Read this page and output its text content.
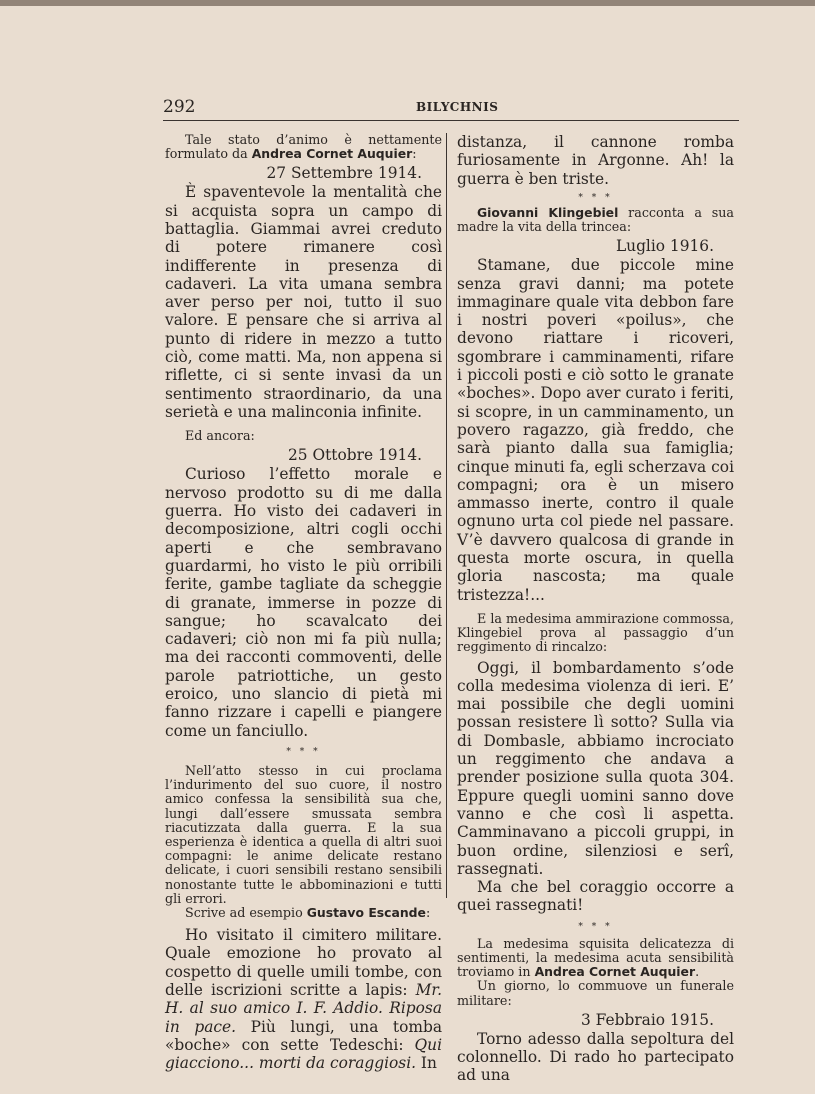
292	BILYCHNIS

Tale stato d’animo è nettamente formulato da Andrea Cornet Auquier:

27 Settembre 1914.

È spaventevole la mentalità che si acquista sopra un campo di battaglia. Giammai avrei creduto di potere rimanere così indifferente in presenza di cadaveri. La vita umana sembra aver perso per noi, tutto il suo valore. E pensare che si arriva al punto di ridere in mezzo a tutto ciò, come matti. Ma, non appena si riflette, ci si sente invasi da un sentimento straordinario, da una serietà e una malinconia infinite.

Ed ancora:

25 Ottobre 1914.

Curioso l’effetto morale e nervoso prodotto su di me dalla guerra. Ho visto dei cadaveri in decomposizione, altri cogli occhi aperti e che sembravano guardarmi, ho visto le più orribili ferite, gambe tagliate da scheggie di granate, immerse in pozze di sangue; ho scavalcato dei cadaveri; ciò non mi fa più nulla; ma dei racconti commoventi, delle parole patriottiche, un gesto eroico, uno slancio di pietà mi fanno rizzare i capelli e piangere come un fanciullo.

* * *

Nell’atto stesso in cui proclama l’indurimento del suo cuore, il nostro amico confessa la sensibilità sua che, lungi dall’essere smussata sembra riacutizzata dalla guerra. E la sua esperienza è identica a quella di altri suoi compagni: le anime delicate restano delicate, i cuori sensibili restano sensibili nonostante tutte le abbominazioni e tutti gli errori.

Scrive ad esempio Gustavo Escande:

Ho visitato il cimitero militare. Quale emozione ho provato al cospetto di quelle umili tombe, con delle iscrizioni scritte a lapis: Mr. H. al suo amico I. F. Addio. Riposa in pace. Più lungi, una tomba «boche» con sette Tedeschi: Qui giacciono... morti da coraggiosi. In

distanza, il cannone romba furiosamente in Argonne. Ah! la guerra è ben triste.

* * *

Giovanni Klingebiel racconta a sua madre la vita della trincea:

Luglio 1916.

Stamane, due piccole mine senza gravi danni; ma potete immaginare quale vita debbon fare i nostri poveri «poilus», che devono riattare i ricoveri, sgombrare i camminamenti, rifare i piccoli posti e ciò sotto le granate «boches». Dopo aver curato i feriti, si scopre, in un camminamento, un povero ragazzo, già freddo, che sarà pianto dalla sua famiglia; cinque minuti fa, egli scherzava coi compagni; ora è un misero ammasso inerte, contro il quale ognuno urta col piede nel passare. V’è davvero qualcosa di grande in questa morte oscura, in quella gloria nascosta; ma quale tristezza!...

E la medesima ammirazione commossa, Klingebiel prova al passaggio d’un reggimento di rincalzo:

Oggi, il bombardamento s’ode colla medesima violenza di ieri. E’ mai possibile che degli uomini possan resistere lì sotto? Sulla via di Dombasle, abbiamo incrociato un reggimento che andava a prender posizione sulla quota 304. Eppure quegli uomini sanno dove vanno e che così li aspetta. Camminavano a piccoli gruppi, in buon ordine, silenziosi e serî, rassegnati.

Ma che bel coraggio occorre a quei rassegnati!

* * *

La medesima squisita delicatezza di sentimenti, la medesima acuta sensibilità troviamo in Andrea Cornet Auquier.

Un giorno, lo commuove un funerale militare:

3 Febbraio 1915.

Torno adesso dalla sepoltura del colonnello. Di rado ho partecipato ad una
